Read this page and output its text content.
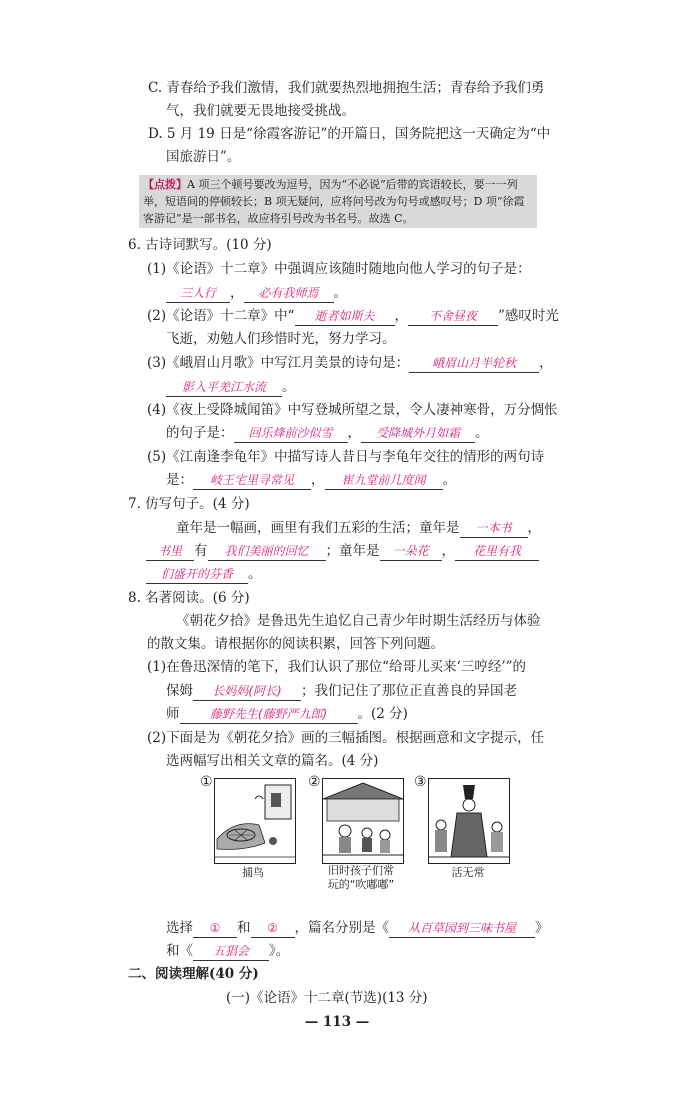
C. 青春给予我们激情，我们就要热烈地拥抱生活；青春给予我们勇
气，我们就要无畏地接受挑战。
D. 5 月 19 日是“徐霞客游记”的开篇日，国务院把这一天确定为“中
国旅游日”。
【点拨】A 项三个顿号要改为逗号，因为“不必说”后带的宾语较长，要一一列
举，短语间的停顿较长；B 项无疑问，应将问号改为句号或感叹号；D 项“徐霞
客游记”是一部书名，故应将引号改为书名号。故选 C。
6. 古诗词默写。(10 分)
(1)《论语》十二章》中强调应该随时随地向他人学习的句子是：
三人行 ， 必有我师焉 。
(2)《论语》十二章》中“ 逝者如斯夫 ， 不舍昼夜 ”感叹时光
飞逝，劝勉人们珍惜时光，努力学习。
(3)《峨眉山月歌》中写江月美景的诗句是： 峨眉山月半轮秋 ，
影入平羌江水流 。
(4)《夜上受降城闻笛》中写登城所望之景，令人凄神寒骨，万分惆怅
的句子是： 回乐烽前沙似雪 ， 受降城外月如霜 。
(5)《江南逢李龟年》中描写诗人昔日与李龟年交往的情形的两句诗
是： 岐王宅里寻常见 ， 崔九堂前几度闻 。
7. 仿写句子。(4 分)
童年是一幅画，画里有我们五彩的生活；童年是 一本书 ，
书里 有 我们美丽的回忆 ；童年是 一朵花 ， 花里有我
们盛开的芬香 。
8. 名著阅读。(6 分)
《朝花夕拾》是鲁迅先生追忆自己青少年时期生活经历与体验
的散文集。请根据你的阅读积累，回答下列问题。
(1)在鲁迅深情的笔下，我们认识了那位“给哥儿买来‘三哼经’”的
保姆 长妈妈(阿长) ；我们记住了那位正直善良的异国老
师	藤野先生(藤野严九郎) 。(2 分)
(2)下面是为《朝花夕拾》画的三幅插图。根据画意和文字提示，任
选两幅写出相关文章的篇名。(4 分)
①	②	③
捕鸟	旧时孩子们常
玩的“吹嘟嘟”
活无常
选择 ① 和 ② ，篇名分别是《 从百草园到三味书屋 》
和《 五猖会 》。
二、阅读理解(40 分)
(一)《论语》十二章(节选)(13 分)
— 113 —
